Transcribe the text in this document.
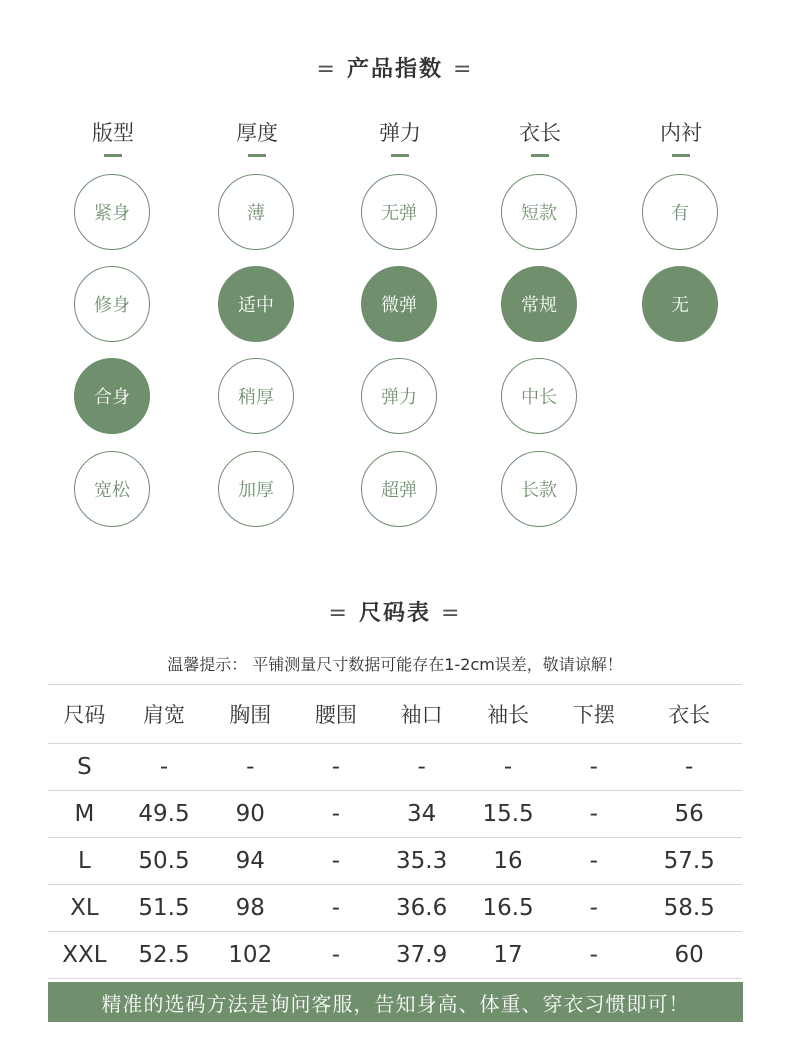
= 产品指数 =
版型
紧身
修身
合身
宽松
厚度
薄
适中
稍厚
加厚
弹力
无弹
微弹
弹力
超弹
衣长
短款
常规
中长
长款
内衬
有
无
= 尺码表 =
温馨提示： 平铺测量尺寸数据可能存在1-2cm误差，敬请谅解！
尺码	肩宽	胸围	腰围	袖口	袖长	下摆	衣长
S	-	-	-	-	-	-	-
M	49.5	90	-	34	15.5	-	56
L	50.5	94	-	35.3	16	-	57.5
XL	51.5	98	-	36.6	16.5	-	58.5
XXL	52.5	102	-	37.9	17	-	60
精准的选码方法是询问客服，告知身高、体重、穿衣习惯即可！
